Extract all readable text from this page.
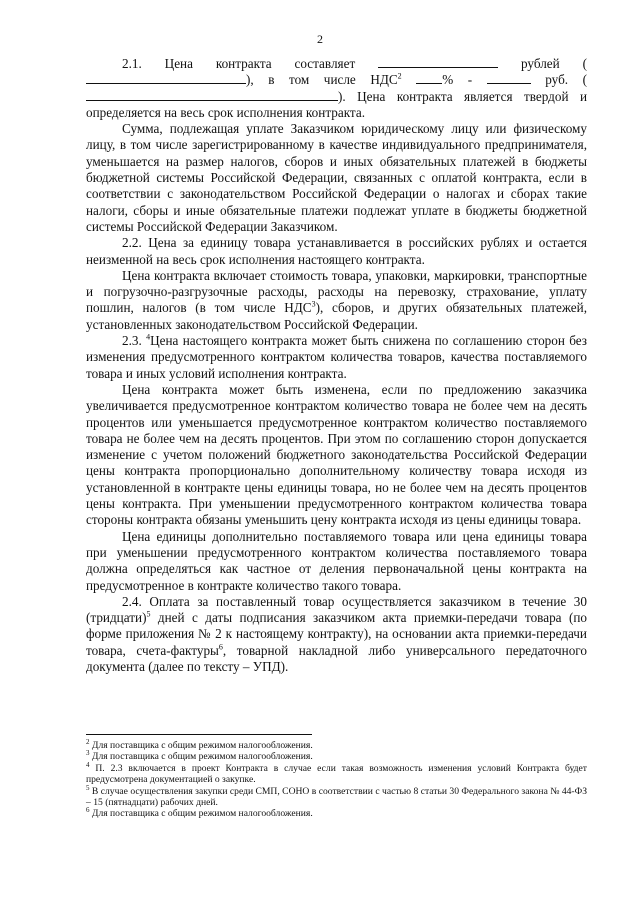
2

2.1. Цена контракта составляет	рублей (), в том числе НДС$^2$	% -	руб. (). Цена контракта является твердой и определяется на весь срок исполнения контракта.

Сумма, подлежащая уплате Заказчиком юридическому лицу или физическому лицу, в том числе зарегистрированному в качестве индивидуального предпринимателя, уменьшается на размер налогов, сборов и иных обязательных платежей в бюджеты бюджетной системы Российской Федерации, связанных с оплатой контракта, если в соответствии с законодательством Российской Федерации о налогах и сборах такие налоги, сборы и иные обязательные платежи подлежат уплате в бюджеты бюджетной системы Российской Федерации Заказчиком.

2.2. Цена за единицу товара устанавливается в российских рублях и остается неизменной на весь срок исполнения настоящего контракта.

Цена контракта включает стоимость товара, упаковки, маркировки, транспортные и погрузочно-разгрузочные расходы, расходы на перевозку, страхование, уплату пошлин, налогов (в том числе НДС$^3$), сборов, и других обязательных платежей, установленных законодательством Российской Федерации.

2.3. $^4$Цена настоящего контракта может быть снижена по соглашению сторон без изменения предусмотренного контрактом количества товаров, качества поставляемого товара и иных условий исполнения контракта.

Цена контракта может быть изменена, если по предложению заказчика увеличивается предусмотренное контрактом количество товара не более чем на десять процентов или уменьшается предусмотренное контрактом количество поставляемого товара не более чем на десять процентов. При этом по соглашению сторон допускается изменение с учетом положений бюджетного законодательства Российской Федерации цены контракта пропорционально дополнительному количеству товара исходя из установленной в контракте цены единицы товара, но не более чем на десять процентов цены контракта. При уменьшении предусмотренного контрактом количества товара стороны контракта обязаны уменьшить цену контракта исходя из цены единицы товара.

Цена единицы дополнительно поставляемого товара или цена единицы товара при уменьшении предусмотренного контрактом количества поставляемого товара должна определяться как частное от деления первоначальной цены контракта на предусмотренное в контракте количество такого товара.

2.4. Оплата за поставленный товар осуществляется заказчиком в течение 30 (тридцати)$^5$ дней с даты подписания заказчиком акта приемки-передачи товара (по форме приложения № 2 к настоящему контракту), на основании акта приемки-передачи товара, счета-фактуры$^6$, товарной накладной либо универсального передаточного документа (далее по тексту – УПД).

$^2$ Для поставщика с общим режимом налогообложения.

$^3$ Для поставщика с общим режимом налогообложения.

$^4$ П. 2.3 включается в проект Контракта в случае если такая возможность изменения условий Контракта будет предусмотрена документацией о закупке.

$^5$ В случае осуществления закупки среди СМП, СОНО в соответствии с частью 8 статьи 30 Федерального закона № 44-ФЗ – 15 (пятнадцати) рабочих дней.

$^6$ Для поставщика с общим режимом налогообложения.
